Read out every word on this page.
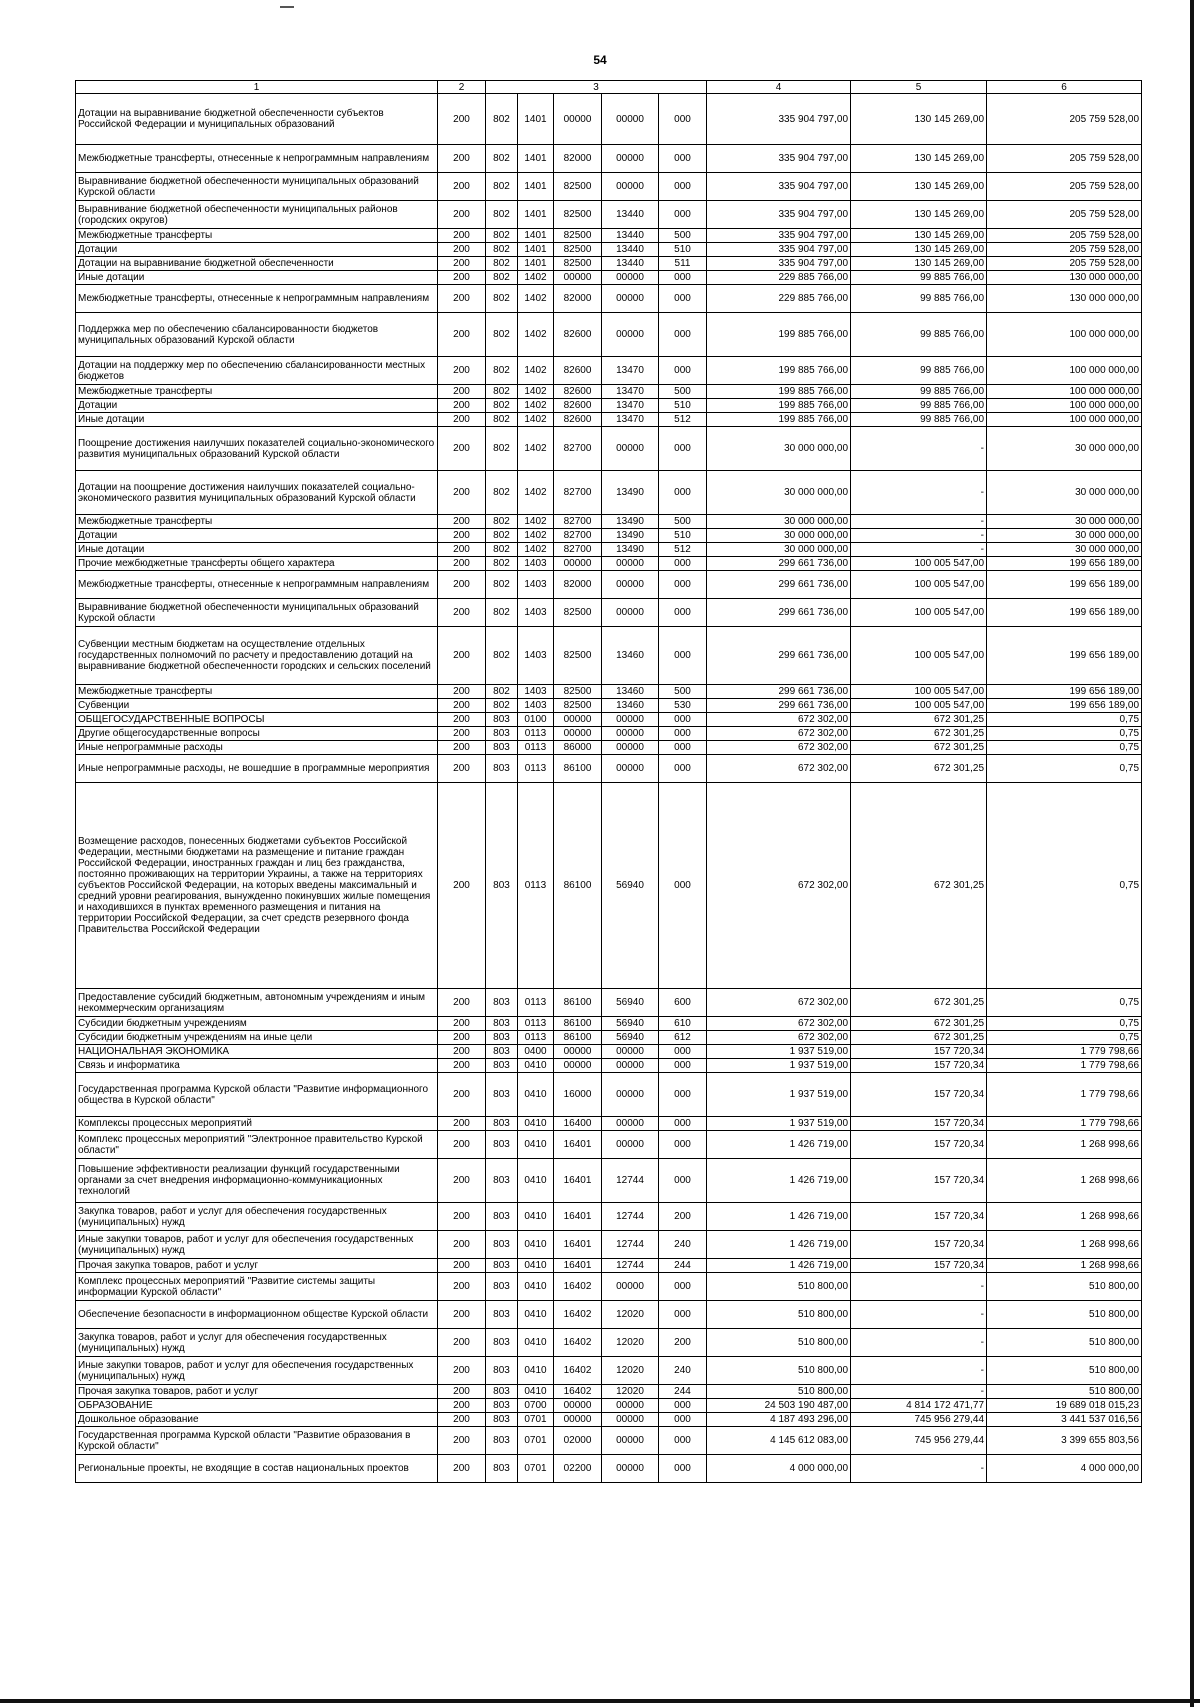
54
1	2	3					4	5	6
Дотации на выравнивание бюджетной обеспеченности субъектов Российской Федерации и муниципальных образований	200	802	1401	00000	00000	000	335 904 797,00	130 145 269,00	205 759 528,00
Межбюджетные трансферты, отнесенные к непрограммным направлениям	200	802	1401	82000	00000	000	335 904 797,00	130 145 269,00	205 759 528,00
Выравнивание бюджетной обеспеченности муниципальных образований Курской области	200	802	1401	82500	00000	000	335 904 797,00	130 145 269,00	205 759 528,00
Выравнивание бюджетной обеспеченности муниципальных районов (городских округов)	200	802	1401	82500	13440	000	335 904 797,00	130 145 269,00	205 759 528,00
Межбюджетные трансферты	200	802	1401	82500	13440	500	335 904 797,00	130 145 269,00	205 759 528,00
Дотации	200	802	1401	82500	13440	510	335 904 797,00	130 145 269,00	205 759 528,00
Дотации на выравнивание бюджетной обеспеченности	200	802	1401	82500	13440	511	335 904 797,00	130 145 269,00	205 759 528,00
Иные дотации	200	802	1402	00000	00000	000	229 885 766,00	99 885 766,00	130 000 000,00
Межбюджетные трансферты, отнесенные к непрограммным направлениям	200	802	1402	82000	00000	000	229 885 766,00	99 885 766,00	130 000 000,00
Поддержка мер по обеспечению сбалансированности бюджетов муниципальных образований Курской области	200	802	1402	82600	00000	000	199 885 766,00	99 885 766,00	100 000 000,00
Дотации на поддержку мер по обеспечению сбалансированности местных бюджетов	200	802	1402	82600	13470	000	199 885 766,00	99 885 766,00	100 000 000,00
Межбюджетные трансферты	200	802	1402	82600	13470	500	199 885 766,00	99 885 766,00	100 000 000,00
Дотации	200	802	1402	82600	13470	510	199 885 766,00	99 885 766,00	100 000 000,00
Иные дотации	200	802	1402	82600	13470	512	199 885 766,00	99 885 766,00	100 000 000,00
Поощрение достижения наилучших показателей социально-экономического развития муниципальных образований Курской области	200	802	1402	82700	00000	000	30 000 000,00	-	30 000 000,00
Дотации на поощрение достижения наилучших показателей социально-экономического развития муниципальных образований Курской области	200	802	1402	82700	13490	000	30 000 000,00	-	30 000 000,00
Межбюджетные трансферты	200	802	1402	82700	13490	500	30 000 000,00	-	30 000 000,00
Дотации	200	802	1402	82700	13490	510	30 000 000,00	-	30 000 000,00
Иные дотации	200	802	1402	82700	13490	512	30 000 000,00	-	30 000 000,00
Прочие межбюджетные трансферты общего характера	200	802	1403	00000	00000	000	299 661 736,00	100 005 547,00	199 656 189,00
Межбюджетные трансферты, отнесенные к непрограммным направлениям	200	802	1403	82000	00000	000	299 661 736,00	100 005 547,00	199 656 189,00
Выравнивание бюджетной обеспеченности муниципальных образований Курской области	200	802	1403	82500	00000	000	299 661 736,00	100 005 547,00	199 656 189,00
Субвенции местным бюджетам на осуществление отдельных государственных полномочий по расчету и предоставлению дотаций на выравнивание бюджетной обеспеченности городских и сельских поселений	200	802	1403	82500	13460	000	299 661 736,00	100 005 547,00	199 656 189,00
Межбюджетные трансферты	200	802	1403	82500	13460	500	299 661 736,00	100 005 547,00	199 656 189,00
Субвенции	200	802	1403	82500	13460	530	299 661 736,00	100 005 547,00	199 656 189,00
ОБЩЕГОСУДАРСТВЕННЫЕ ВОПРОСЫ	200	803	0100	00000	00000	000	672 302,00	672 301,25	0,75
Другие общегосударственные вопросы	200	803	0113	00000	00000	000	672 302,00	672 301,25	0,75
Иные непрограммные расходы	200	803	0113	86000	00000	000	672 302,00	672 301,25	0,75
Иные непрограммные расходы, не вошедшие в программные мероприятия	200	803	0113	86100	00000	000	672 302,00	672 301,25	0,75
Возмещение расходов, понесенных бюджетами субъектов Российской Федерации, местными бюджетами на размещение и питание граждан Российской Федерации, иностранных граждан и лиц без гражданства, постоянно проживающих на территории Украины, а также на территориях субъектов Российской Федерации, на которых введены максимальный и средний уровни реагирования, вынужденно покинувших жилые помещения и находившихся в пунктах временного размещения и питания на территории Российской Федерации, за счет средств резервного фонда Правительства Российской Федерации	200	803	0113	86100	56940	000	672 302,00	672 301,25	0,75
Предоставление субсидий бюджетным, автономным учреждениям и иным некоммерческим организациям	200	803	0113	86100	56940	600	672 302,00	672 301,25	0,75
Субсидии бюджетным учреждениям	200	803	0113	86100	56940	610	672 302,00	672 301,25	0,75
Субсидии бюджетным учреждениям на иные цели	200	803	0113	86100	56940	612	672 302,00	672 301,25	0,75
НАЦИОНАЛЬНАЯ ЭКОНОМИКА	200	803	0400	00000	00000	000	1 937 519,00	157 720,34	1 779 798,66
Связь и информатика	200	803	0410	00000	00000	000	1 937 519,00	157 720,34	1 779 798,66
Государственная программа Курской области "Развитие информационного общества в Курской области"	200	803	0410	16000	00000	000	1 937 519,00	157 720,34	1 779 798,66
Комплексы процессных мероприятий	200	803	0410	16400	00000	000	1 937 519,00	157 720,34	1 779 798,66
Комплекс процессных мероприятий "Электронное правительство Курской области"	200	803	0410	16401	00000	000	1 426 719,00	157 720,34	1 268 998,66
Повышение эффективности реализации функций государственными органами за счет внедрения информационно-коммуникационных технологий	200	803	0410	16401	12744	000	1 426 719,00	157 720,34	1 268 998,66
Закупка товаров, работ и услуг для обеспечения государственных (муниципальных) нужд	200	803	0410	16401	12744	200	1 426 719,00	157 720,34	1 268 998,66
Иные закупки товаров, работ и услуг для обеспечения государственных (муниципальных) нужд	200	803	0410	16401	12744	240	1 426 719,00	157 720,34	1 268 998,66
Прочая закупка товаров, работ и услуг	200	803	0410	16401	12744	244	1 426 719,00	157 720,34	1 268 998,66
Комплекс процессных мероприятий "Развитие системы защиты информации Курской области"	200	803	0410	16402	00000	000	510 800,00	-	510 800,00
Обеспечение безопасности в информационном обществе Курской области	200	803	0410	16402	12020	000	510 800,00	-	510 800,00
Закупка товаров, работ и услуг для обеспечения государственных (муниципальных) нужд	200	803	0410	16402	12020	200	510 800,00	-	510 800,00
Иные закупки товаров, работ и услуг для обеспечения государственных (муниципальных) нужд	200	803	0410	16402	12020	240	510 800,00	-	510 800,00
Прочая закупка товаров, работ и услуг	200	803	0410	16402	12020	244	510 800,00	-	510 800,00
ОБРАЗОВАНИЕ	200	803	0700	00000	00000	000	24 503 190 487,00	4 814 172 471,77	19 689 018 015,23
Дошкольное образование	200	803	0701	00000	00000	000	4 187 493 296,00	745 956 279,44	3 441 537 016,56
Государственная программа Курской области "Развитие образования в Курской области"	200	803	0701	02000	00000	000	4 145 612 083,00	745 956 279,44	3 399 655 803,56
Региональные проекты, не входящие в состав национальных проектов	200	803	0701	02200	00000	000	4 000 000,00	-	4 000 000,00
